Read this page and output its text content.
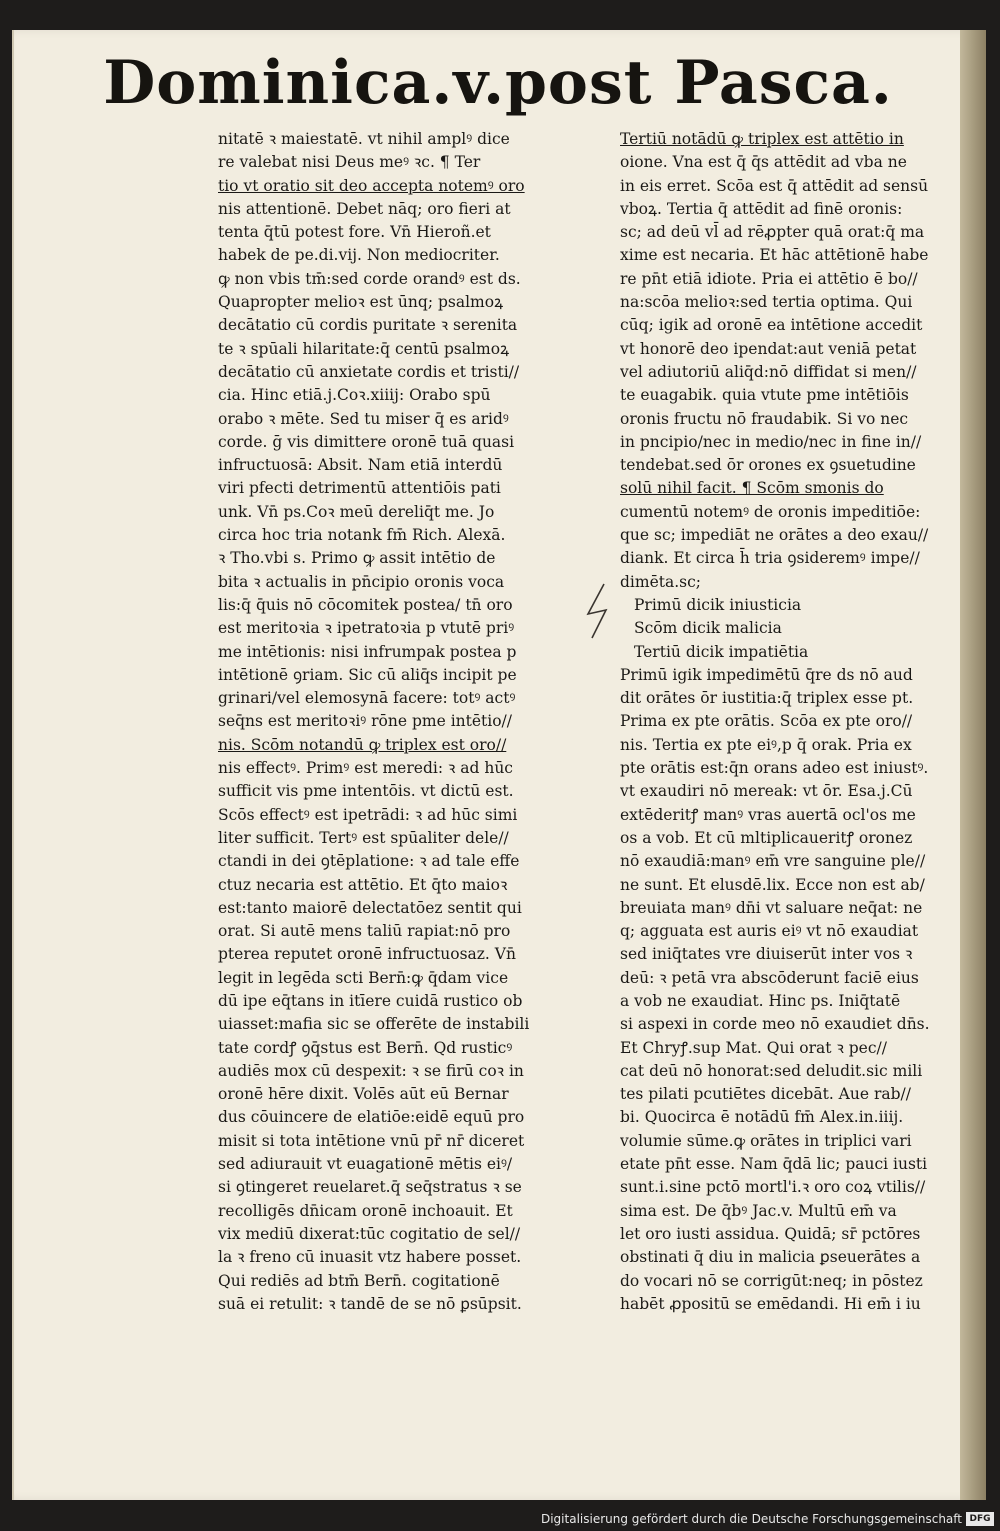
Dominica.v.post Pasca.
nitatē ꝛ maiestatē. vt nihil amplꝰ dice
re valebat nisi Deus meꝰ ꝛc. ¶ Ter
tio vt oratio sit deo accepta notemꝰ oro
nis attentionē. Debet nāq; oro fieri at
tenta q̄tū potest fore. Vn̄ Hieroñ.et
habek de pe.di.vij. Non mediocriter.
ꝙ non vbis tm̄:sed corde orandꝰ est ds.
Quapropter melioꝛ est ūnq; psalmoꝝ
decātatio cū cordis puritate ꝛ serenita
te ꝛ spūali hilaritate:q̄ centū psalmoꝝ
decātatio cū anxietate cordis et tristi//
cia. Hinc etiā.j.Coꝛ.xiiij: Orabo spū
orabo ꝛ mēte. Sed tu miser q̄ es aridꝰ
corde. ḡ vis dimittere oronē tuā quasi
infructuosā: Absit. Nam etiā interdū
viri pfecti detrimentū attentiōis pati
unk. Vn̄ ps.Coꝛ meū dereliq̄t me. Jo
circa hoc tria notank fm̄ Rich. Alexā.
ꝛ Tho.vbi s. Primo ꝙ assit intētio de
bita ꝛ actualis in pn̄cipio oronis voca
lis:q̄ q̄uis nō cōcomitek postea/ tn̄ oro
est meritoꝛia ꝛ ipetratoꝛia p vtutē priꝰ
me intētionis: nisi infrumpak postea p
intētionē ꝯriam. Sic cū aliq̄s incipit pe
grinari/vel elemosynā facere: totꝰ actꝰ
seq̄ns est meritoꝛiꝰ rōne pme intētio//
nis. Scōm notandū ꝙ triplex est oro//
nis effectꝰ. Primꝰ est meredi: ꝛ ad hūc
sufficit vis pme intentōis. vt dictū est.
Scōs effectꝰ est ipetrādi: ꝛ ad hūc simi
liter sufficit. Tertꝰ est spūaliter dele//
ctandi in dei ꝯtēplatione: ꝛ ad tale effe
ctuz necaria est attētio. Et q̄to maioꝛ
est:tanto maiorē delectatōez sentit qui
orat. Si autē mens taliū rapiat:nō pro
pterea reputet oronē infructuosaz. Vn̄
legit in legēda scti Bern̄:ꝙ q̄dam vice
dū ipe eq̄tans in itīere cuidā rustico ob
uiasset:mafia sic se offerēte de instabili
tate cordꝭ ꝯq̄stus est Bern̄. Qd rusticꝰ
audiēs mox cū despexit: ꝛ se firū coꝛ in
oronē hēre dixit. Volēs aūt eū Bernar
dus cōuincere de elatiōe:eidē equū pro
misit si tota intētione vnū pr̄ nr̄ diceret
sed adiurauit vt euagationē mētis eiꝰ/
si ꝯtingeret reuelaret.q̄ seq̄stratus ꝛ se
recolligēs dn̄icam oronē inchoauit. Et
vix mediū dixerat:tūc cogitatio de sel//
la ꝛ freno cū inuasit vtz habere posset.
Qui rediēs ad btm̄ Bern̄. cogitationē
suā ei retulit: ꝛ tandē de se nō ꝑsūpsit.
Tertiū notādū ꝙ triplex est attētio in
oione. Vna est q̄ q̄s attēdit ad vba ne
in eis erret. Scōa est q̄ attēdit ad sensū
vboꝝ. Tertia q̄ attēdit ad finē oronis:
sc; ad deū vl̄ ad rēꝓpter quā orat:q̄ ma
xime est necaria. Et hāc attētionē habe
re pn̄t etiā idiote. Pria ei attētio ē bo//
na:scōa melioꝛ:sed tertia optima. Qui
cūq; igik ad oronē ea intētione accedit
vt honorē deo ipendat:aut veniā petat
vel adiutoriū aliq̄d:nō diffidat si men//
te euagabik. quia vtute pme intētiōis
oronis fructu nō fraudabik. Si vo nec
in pncipio/nec in medio/nec in fine in//
tendebat.sed ōr orones ex ꝯsuetudine
solū nihil facit. ¶ Scōm smonis do
cumentū notemꝰ de oronis impeditiōe:
que sc; impediāt ne orātes a deo exau//
diank. Et circa h̄ tria ꝯsideremꝰ impe//
dimēta.sc;
Primū dicik iniusticia
Scōm dicik malicia
Tertiū dicik impatiētia
Primū igik impedimētū q̄re ds nō aud
dit orātes ōr iustitia:q̄ triplex esse pt.
Prima ex pte orātis. Scōa ex pte oro//
nis. Tertia ex pte eiꝰ,p q̄ orak. Pria ex
pte orātis est:q̄n orans adeo est iniustꝰ.
vt exaudiri nō mereak: vt ōr. Esa.j.Cū
extēderitꝭ manꝰ vras auertā ocl'os me
os a vob. Et cū mltiplicaueritꝭ oronez
nō exaudiā:manꝰ em̄ vre sanguine ple//
ne sunt. Et elusdē.lix. Ecce non est ab/
breuiata manꝰ dn̄i vt saluare neq̄at: ne
q; agguata est auris eiꝰ vt nō exaudiat
sed iniq̄tates vre diuiserūt inter vos ꝛ
deū: ꝛ petā vra abscōderunt faciē eius
a vob ne exaudiat. Hinc ps. Iniq̄tatē
si aspexi in corde meo nō exaudiet dn̄s.
Et Chryꝭ.sup Mat. Qui orat ꝛ pec//
cat deū nō honorat:sed deludit.sic mili
tes pilati pcutiētes dicebāt. Aue rab//
bi. Quocirca ē notādū fm̄ Alex.in.iiij.
volumie sūme.ꝙ orātes in triplici vari
etate pn̄t esse. Nam q̄dā lic; pauci iusti
sunt.i.sine pctō mortl'i.ꝛ oro coꝝ vtilis//
sima est. De q̄bꝰ Jac.v. Multū em̄ va
let oro iusti assidua. Quidā; sr̄ pctōres
obstinati q̄ diu in malicia ꝑseuerātes a
do vocari nō se corrigūt:neq; in pōstez
habēt ꝓpositū se emēdandi. Hi em̄ i iu
Digitalisierung gefördert durch die Deutsche Forschungsgemeinschaft DFG
